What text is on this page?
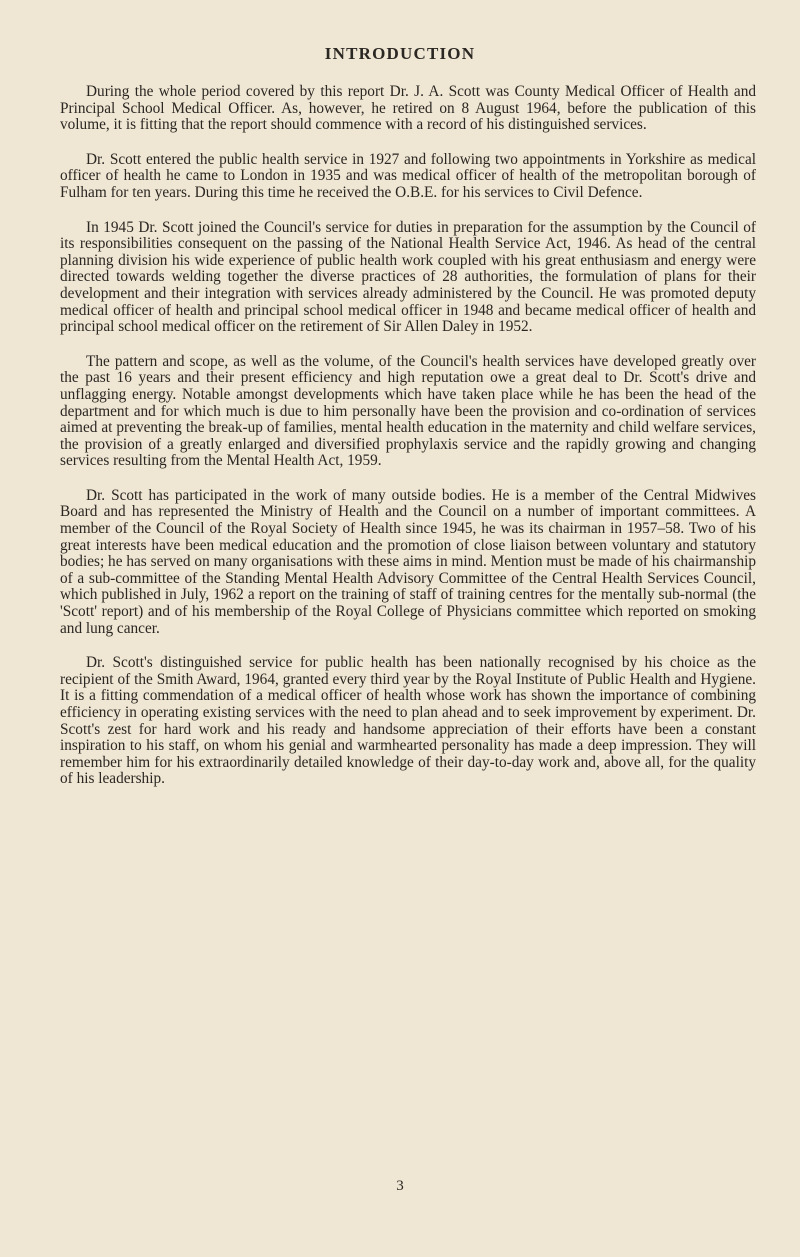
INTRODUCTION

During the whole period covered by this report Dr. J. A. Scott was County Medical Officer of Health and Principal School Medical Officer. As, however, he retired on 8 August 1964, before the publication of this volume, it is fitting that the report should commence with a record of his distinguished services.

Dr. Scott entered the public health service in 1927 and following two appointments in Yorkshire as medical officer of health he came to London in 1935 and was medical officer of health of the metropolitan borough of Fulham for ten years. During this time he received the O.B.E. for his services to Civil Defence.

In 1945 Dr. Scott joined the Council's service for duties in preparation for the assumption by the Council of its responsibilities consequent on the passing of the National Health Service Act, 1946. As head of the central planning division his wide experience of public health work coupled with his great enthusiasm and energy were directed towards welding together the diverse practices of 28 authorities, the formulation of plans for their development and their integration with services already administered by the Council. He was promoted deputy medical officer of health and principal school medical officer in 1948 and became medical officer of health and principal school medical officer on the retirement of Sir Allen Daley in 1952.

The pattern and scope, as well as the volume, of the Council's health services have developed greatly over the past 16 years and their present efficiency and high reputation owe a great deal to Dr. Scott's drive and unflagging energy. Notable amongst developments which have taken place while he has been the head of the department and for which much is due to him personally have been the provision and co-ordination of services aimed at preventing the break-up of families, mental health education in the maternity and child welfare services, the provision of a greatly enlarged and diversified prophylaxis service and the rapidly growing and changing services resulting from the Mental Health Act, 1959.

Dr. Scott has participated in the work of many outside bodies. He is a member of the Central Midwives Board and has represented the Ministry of Health and the Council on a number of important committees. A member of the Council of the Royal Society of Health since 1945, he was its chairman in 1957–58. Two of his great interests have been medical education and the promotion of close liaison between voluntary and statutory bodies; he has served on many organisations with these aims in mind. Mention must be made of his chairmanship of a sub-committee of the Standing Mental Health Advisory Committee of the Central Health Services Council, which published in July, 1962 a report on the training of staff of training centres for the mentally sub-normal (the 'Scott' report) and of his membership of the Royal College of Physicians committee which reported on smoking and lung cancer.

Dr. Scott's distinguished service for public health has been nationally recognised by his choice as the recipient of the Smith Award, 1964, granted every third year by the Royal Institute of Public Health and Hygiene. It is a fitting commendation of a medical officer of health whose work has shown the importance of combining efficiency in operating existing services with the need to plan ahead and to seek improvement by experiment. Dr. Scott's zest for hard work and his ready and handsome appreciation of their efforts have been a constant inspiration to his staff, on whom his genial and warmhearted personality has made a deep impression. They will remember him for his extraordinarily detailed knowledge of their day-to-day work and, above all, for the quality of his leadership.

3
